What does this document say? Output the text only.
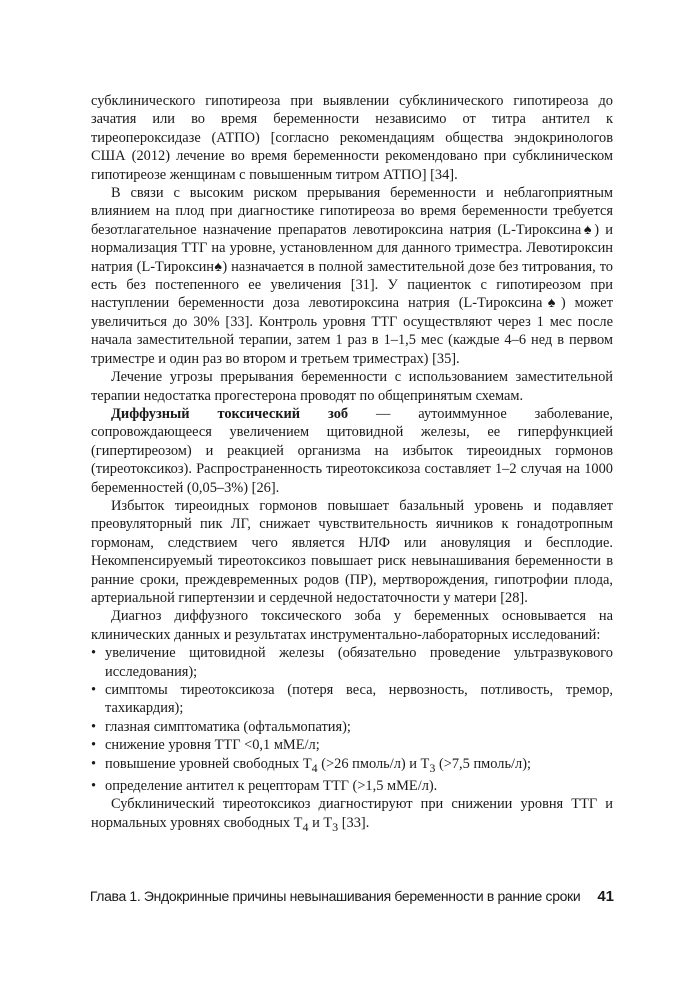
субклинического гипотиреоза при выявлении субклинического гипотиреоза до зачатия или во время беременности независимо от титра антител к тиреопероксидазе (АТПО) [согласно рекомендациям общества эндокринологов США (2012) лечение во время беременности рекомендовано при субклиническом гипотиреозе женщинам с повышенным титром АТПО] [34].

В связи с высоким риском прерывания беременности и неблагоприятным влиянием на плод при диагностике гипотиреоза во время беременности требуется безотлагательное назначение препаратов левотироксина натрия (L-Тироксина♠) и нормализация ТТГ на уровне, установленном для данного триместра. Левотироксин натрия (L-Тироксин♠) назначается в полной заместительной дозе без титрования, то есть без постепенного ее увеличения [31]. У пациенток с гипотиреозом при наступлении беременности доза левотироксина натрия (L-Тироксина♠) может увеличиться до 30% [33]. Контроль уровня ТТГ осуществляют через 1 мес после начала заместительной терапии, затем 1 раз в 1–1,5 мес (каждые 4–6 нед в первом триместре и один раз во втором и третьем триместрах) [35].

Лечение угрозы прерывания беременности с использованием заместительной терапии недостатка прогестерона проводят по общепринятым схемам.

Диффузный токсический зоб — аутоиммунное заболевание, сопровождающееся увеличением щитовидной железы, ее гиперфункцией (гипертиреозом) и реакцией организма на избыток тиреоидных гормонов (тиреотоксикоз). Распространенность тиреотоксикоза составляет 1–2 случая на 1000 беременностей (0,05–3%) [26].

Избыток тиреоидных гормонов повышает базальный уровень и подавляет преовуляторный пик ЛГ, снижает чувствительность яичников к гонадотропным гормонам, следствием чего является НЛФ или ановуляция и бесплодие. Некомпенсируемый тиреотоксикоз повышает риск невынашивания беременности в ранние сроки, преждевременных родов (ПР), мертворождения, гипотрофии плода, артериальной гипертензии и сердечной недостаточности у матери [28].

Диагноз диффузного токсического зоба у беременных основывается на клинических данных и результатах инструментально-лабораторных исследований:

• увеличение щитовидной железы (обязательно проведение ультразвукового исследования);
• симптомы тиреотоксикоза (потеря веса, нервозность, потливость, тремор, тахикардия);
• глазная симптоматика (офтальмопатия);
• снижение уровня ТТГ <0,1 мМЕ/л;
• повышение уровней свободных $Т_4$ (>26 пмоль/л) и $Т_3$ (>7,5 пмоль/л);
• определение антител к рецепторам ТТГ (>1,5 мМЕ/л).

Субклинический тиреотоксикоз диагностируют при снижении уровня ТТГ и нормальных уровнях свободных $Т_4$ и $Т_3$ [33].

Глава 1. Эндокринные причины невынашивания беременности в ранние сроки 41
